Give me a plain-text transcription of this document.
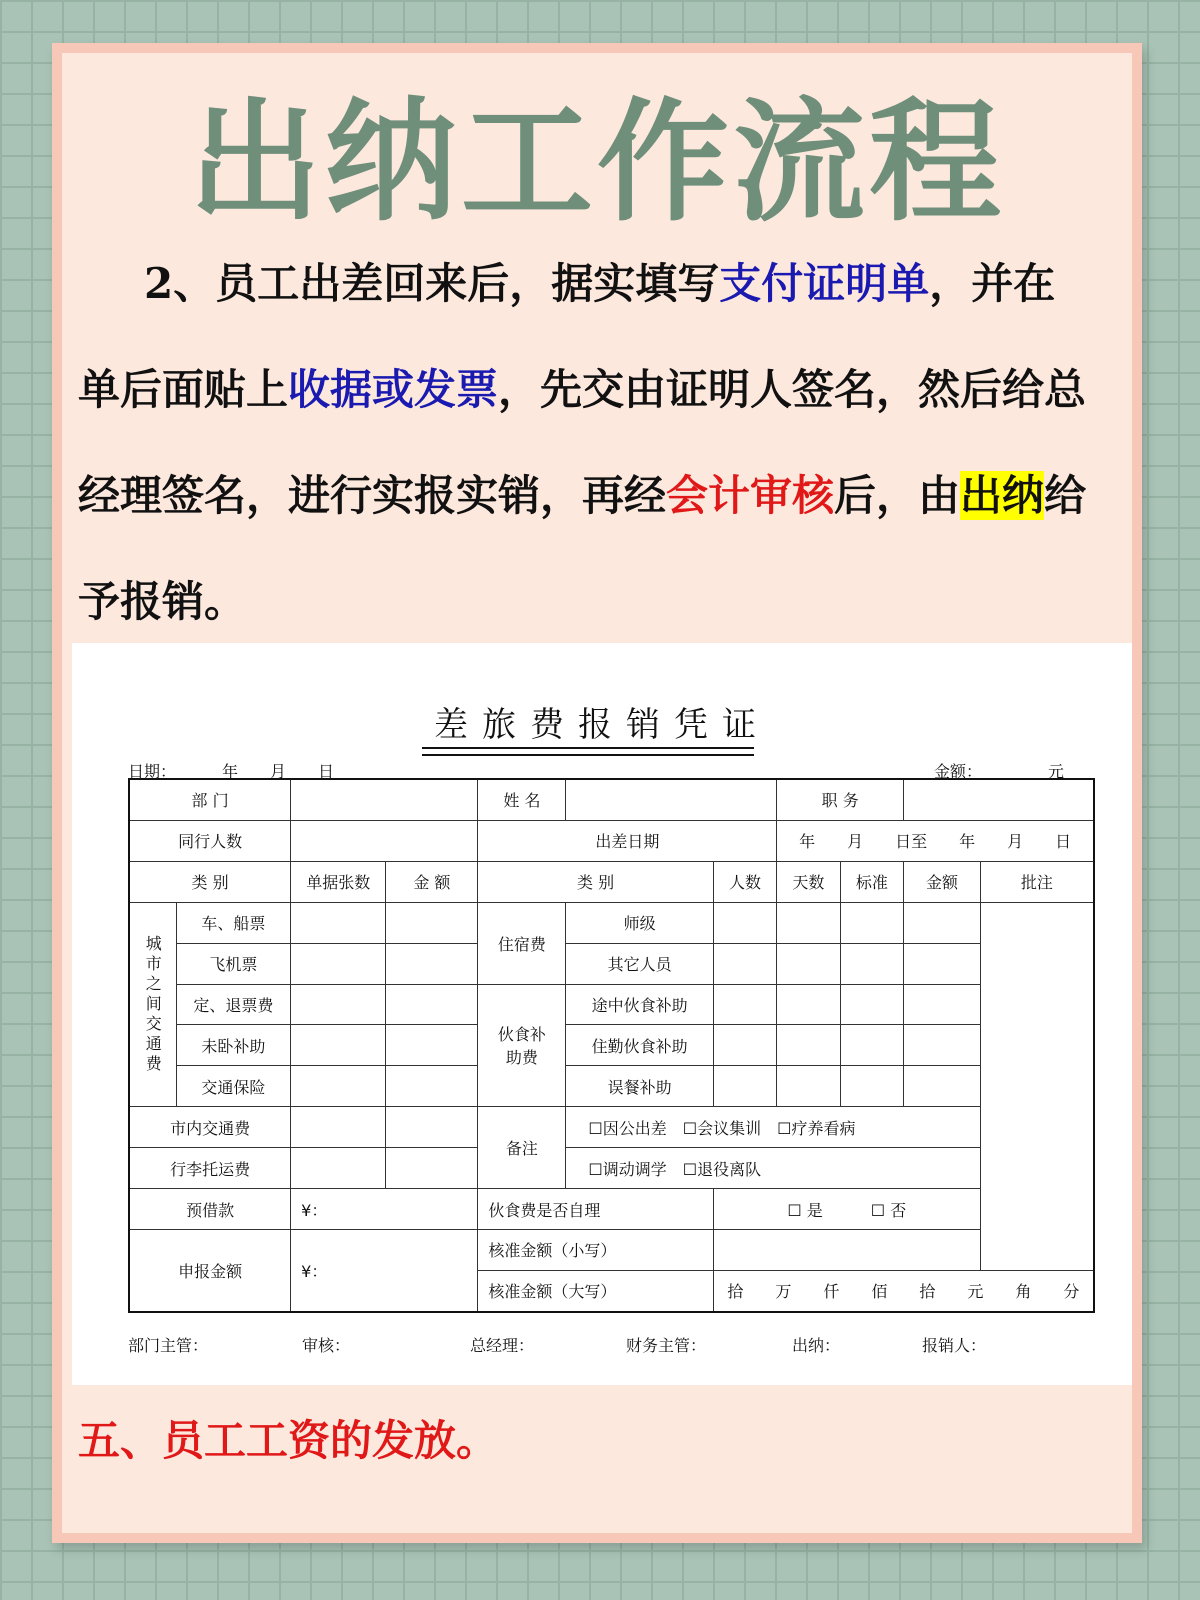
出纳工作流程
2、员工出差回来后，据实填写支付证明单，并在单后面贴上收据或发票，先交由证明人签名，然后给总经理签名，进行实报实销，再经会计审核后，由出纳给予报销。
差旅费报销凭证
日期：	年　　月　　日	金额：	元
部 门				姓 名			职 务			
同行人数				出差日期			年　　月　　日至　　年　　月　　日			
类 别		单据张数	金 额	类 别		人数	天数	标准	金额	批注
城市之间交通费	车、船票			住宿费	师级					
	飞机票				其它人员					
	定、退票费			伙食补助费	途中伙食补助					
	未卧补助				住勤伙食补助					
	交通保险				误餐补助					
市内交通费				备注	☐因公出差　☐会议集训　☐疗养看病					
行李托运费					☐调动调学　☐退役离队					
预借款		¥：		伙食费是否自理		☐ 是　　　☐ 否				
申报金额		¥：		核准金额（小写）						
				核准金额（大写）		拾　　万　　仟　　佰　　拾　　元　　角　　分				
部门主管：	审核：	总经理：	财务主管：	出纳：	报销人：
五、员工工资的发放。
